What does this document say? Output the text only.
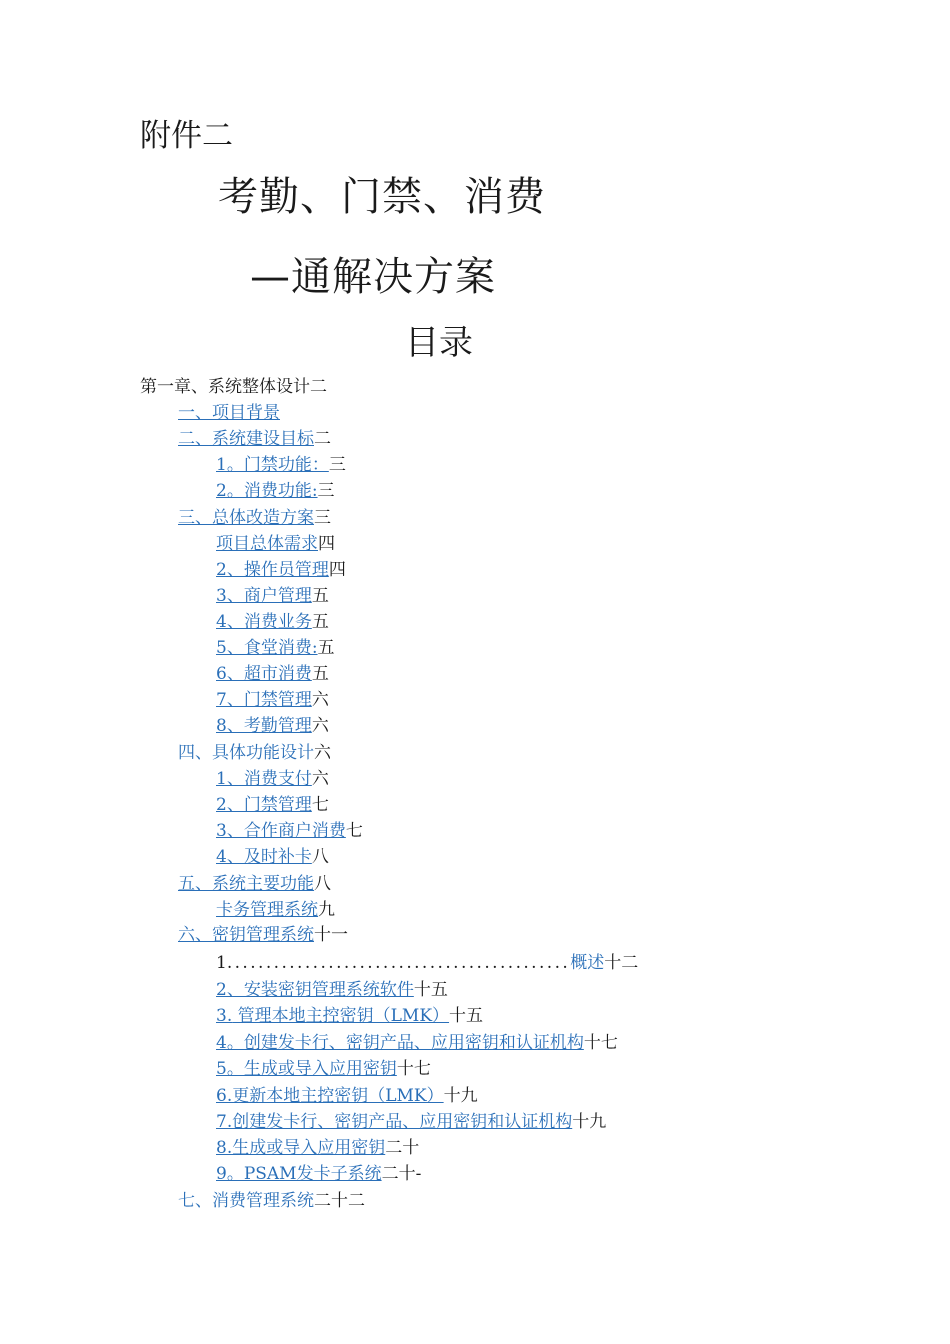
附件二
考勤、门禁、消费
—通解决方案
目录
第一章、系统整体设计二
一、项目背景
二、系统建设目标二
1。门禁功能：三
2。消费功能:三
三、总体改造方案三
项目总体需求四
2、操作员管理四
3、商户管理五
4、消费业务五
5、食堂消费:五
6、超市消费五
7、门禁管理六
8、考勤管理六
四、具体功能设计六
1、消费支付六
2、门禁管理七
3、合作商户消费七
4、及时补卡八
五、系统主要功能八
卡务管理系统九
六、密钥管理系统十一
1............................................概述十二
2、安装密钥管理系统软件十五
3. 管理本地主控密钥（LMK）十五
4。创建发卡行、密钥产品、应用密钥和认证机构十七
5。生成或导入应用密钥十七
6.更新本地主控密钥（LMK）十九
7.创建发卡行、密钥产品、应用密钥和认证机构十九
8.生成或导入应用密钥二十
9。PSAM发卡子系统二十-
七、消费管理系统二十二
